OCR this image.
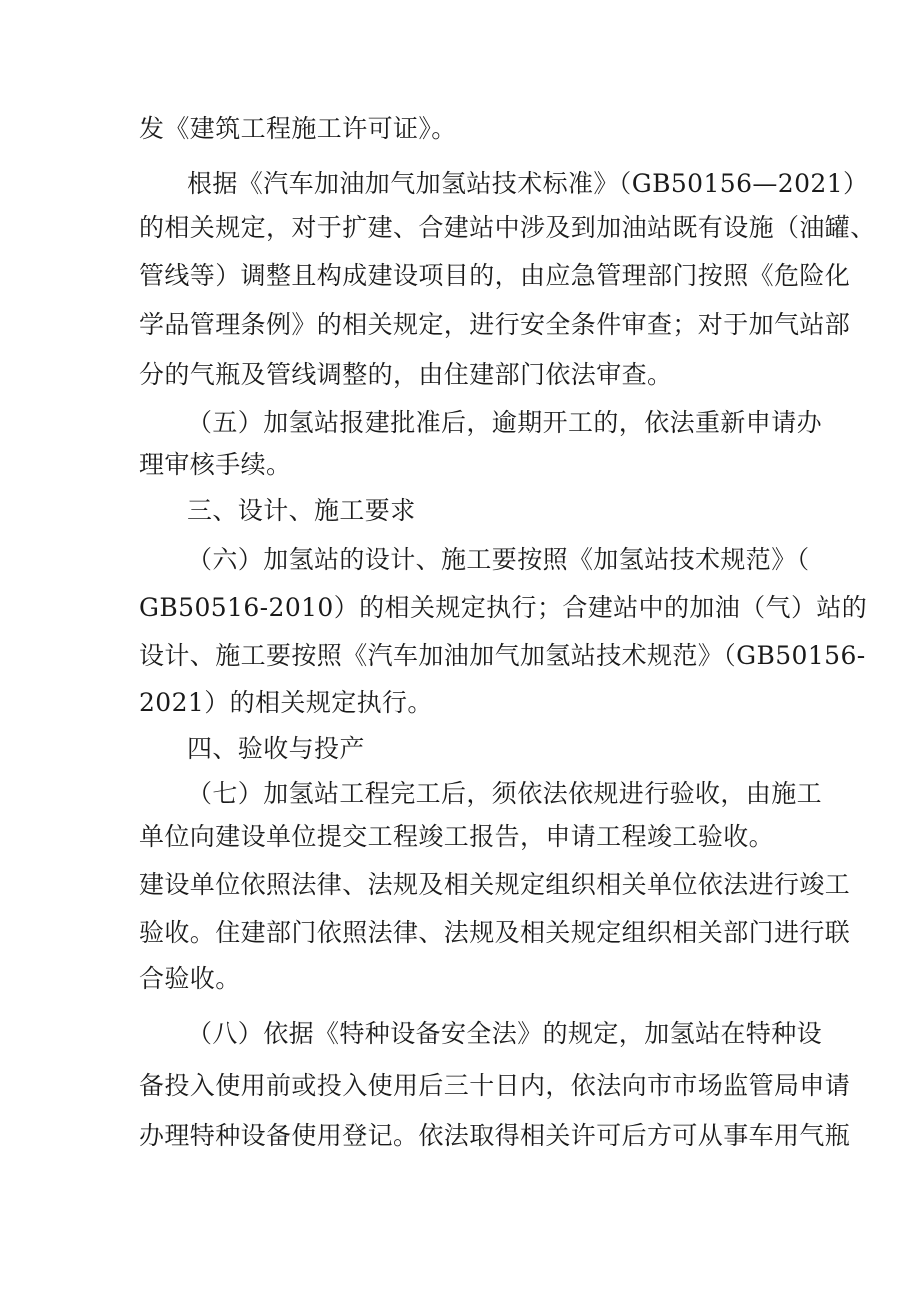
发《建筑工程施工许可证》。
根据《汽车加油加气加氢站技术标准》（GB50156—2021）
的相关规定，对于扩建、合建站中涉及到加油站既有设施（油罐、
管线等）调整且构成建设项目的，由应急管理部门按照《危险化
学品管理条例》的相关规定，进行安全条件审查；对于加气站部
分的气瓶及管线调整的，由住建部门依法审查。
（五）加氢站报建批准后，逾期开工的，依法重新申请办
理审核手续。
三、设计、施工要求
（六）加氢站的设计、施工要按照《加氢站技术规范》（
GB50516-2010）的相关规定执行；合建站中的加油（气）站的
设计、施工要按照《汽车加油加气加氢站技术规范》（GB50156-
2021）的相关规定执行。
四、验收与投产
（七）加氢站工程完工后，须依法依规进行验收，由施工
单位向建设单位提交工程竣工报告，申请工程竣工验收。
建设单位依照法律、法规及相关规定组织相关单位依法进行竣工
验收。住建部门依照法律、法规及相关规定组织相关部门进行联
合验收。
（八）依据《特种设备安全法》的规定，加氢站在特种设
备投入使用前或投入使用后三十日内，依法向市市场监管局申请
办理特种设备使用登记。依法取得相关许可后方可从事车用气瓶
